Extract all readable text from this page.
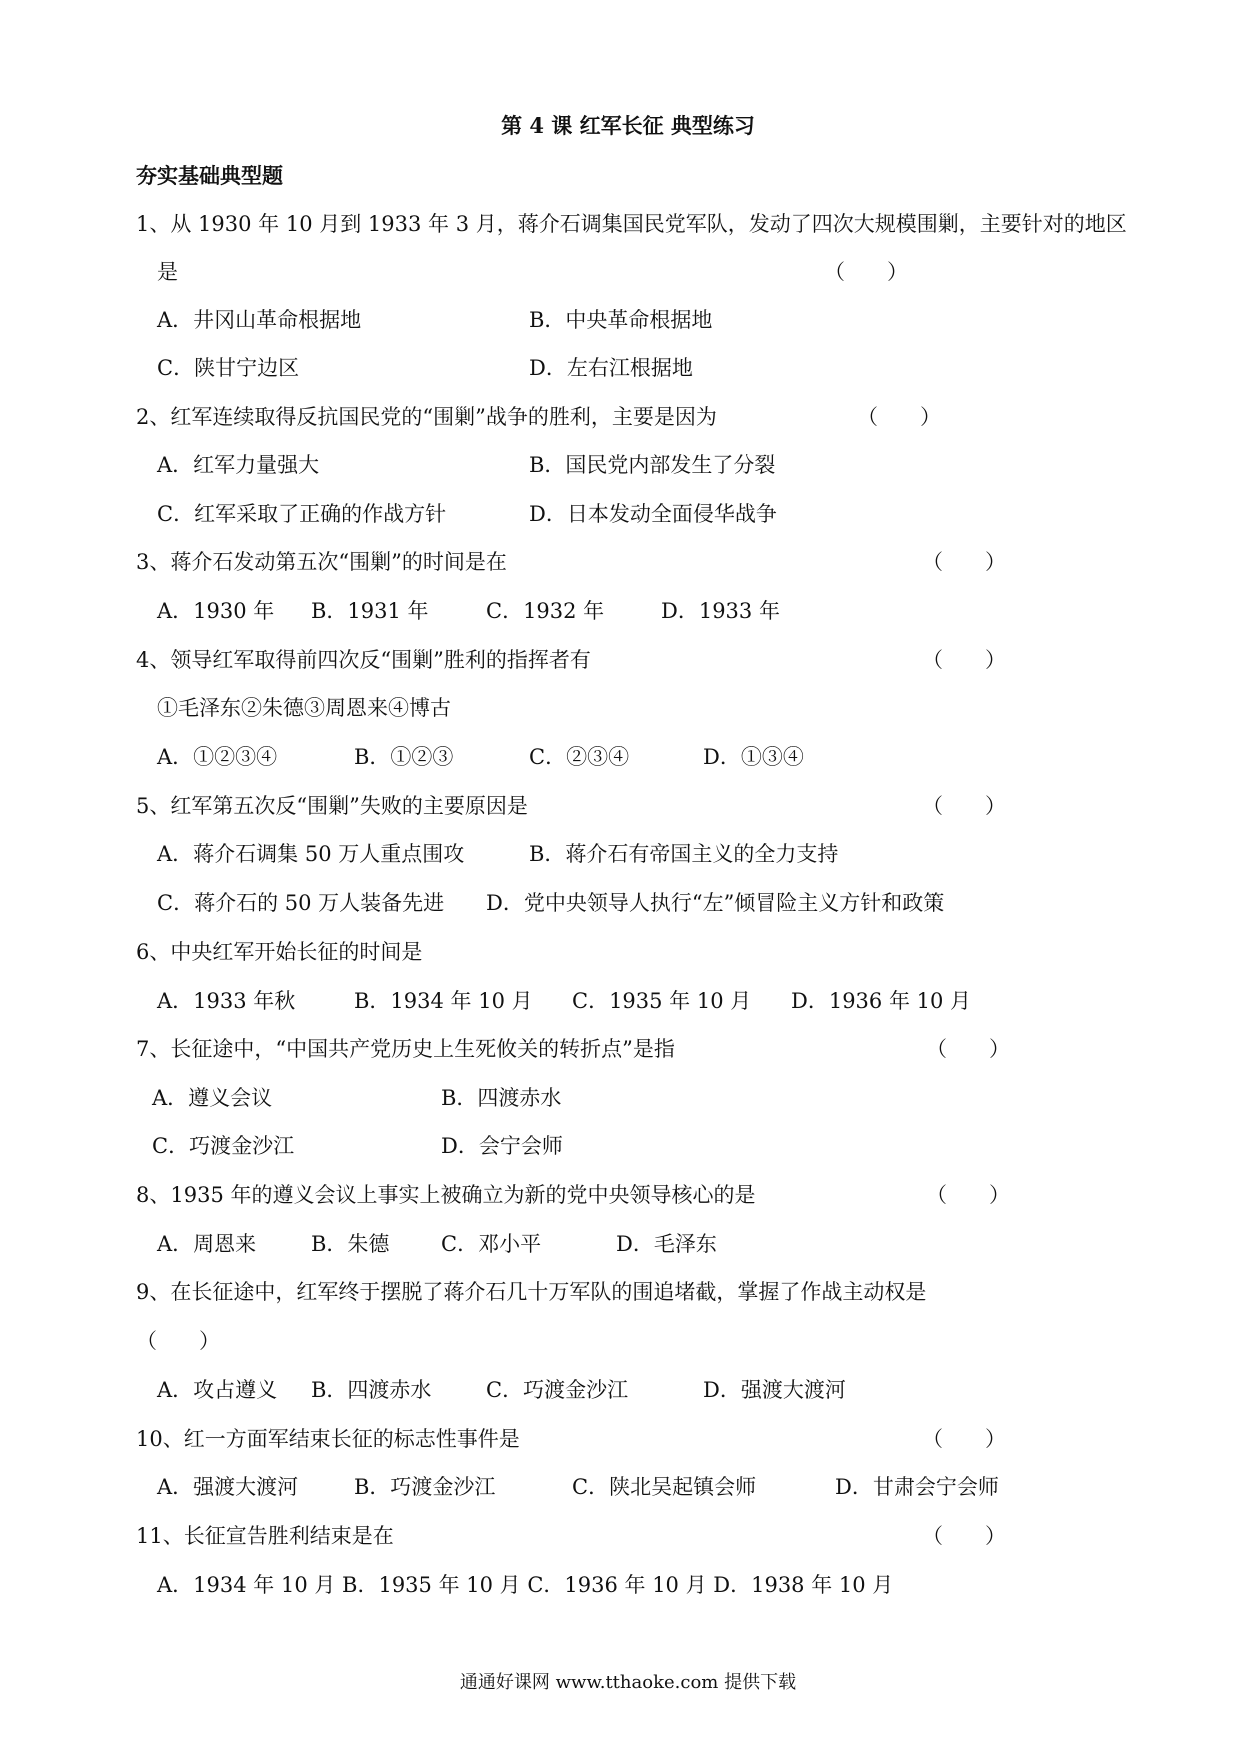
第 4 课 红军长征 典型练习
夯实基础典型题
1、从 1930 年 10 月到 1933 年 3 月，蒋介石调集国民党军队，发动了四次大规模围剿，主要针对的地区
是	（　　）
A．井冈山革命根据地	B．中央革命根据地
C．陕甘宁边区	D．左右江根据地
2、红军连续取得反抗国民党的“围剿”战争的胜利，主要是因为	（　　）
A．红军力量强大	B．国民党内部发生了分裂
C．红军采取了正确的作战方针	D．日本发动全面侵华战争
3、蒋介石发动第五次“围剿”的时间是在	（　　）
A．1930 年 B．1931 年	C．1932 年	D．1933 年
4、领导红军取得前四次反“围剿”胜利的指挥者有	（　　）
①毛泽东②朱德③周恩来④博古
A．①②③④	B．①②③	C．②③④	D．①③④
5、红军第五次反“围剿”失败的主要原因是	（　　）
A．蒋介石调集 50 万人重点围攻	B．蒋介石有帝国主义的全力支持
C．蒋介石的 50 万人装备先进 D．党中央领导人执行“左”倾冒险主义方针和政策
6、中央红军开始长征的时间是
A．1933 年秋	B．1934 年 10 月 C．1935 年 10 月 D．1936 年 10 月
7、长征途中，“中国共产党历史上生死攸关的转折点”是指	（　　）
A．遵义会议	B．四渡赤水
C．巧渡金沙江	D．会宁会师
8、1935 年的遵义会议上事实上被确立为新的党中央领导核心的是	（　　）
A．周恩来	B．朱德 C．邓小平	D．毛泽东
9、在长征途中，红军终于摆脱了蒋介石几十万军队的围追堵截，掌握了作战主动权是
（　　）
A．攻占遵义 B．四渡赤水	C．巧渡金沙江	D．强渡大渡河
10、红一方面军结束长征的标志性事件是	（　　）
A．强渡大渡河	B．巧渡金沙江	C．陕北吴起镇会师	D．甘肃会宁会师
11、长征宣告胜利结束是在	（　　）
A．1934 年 10 月 B．1935 年 10 月 C．1936 年 10 月 D．1938 年 10 月
通通好课网 www.tthaoke.com 提供下载
